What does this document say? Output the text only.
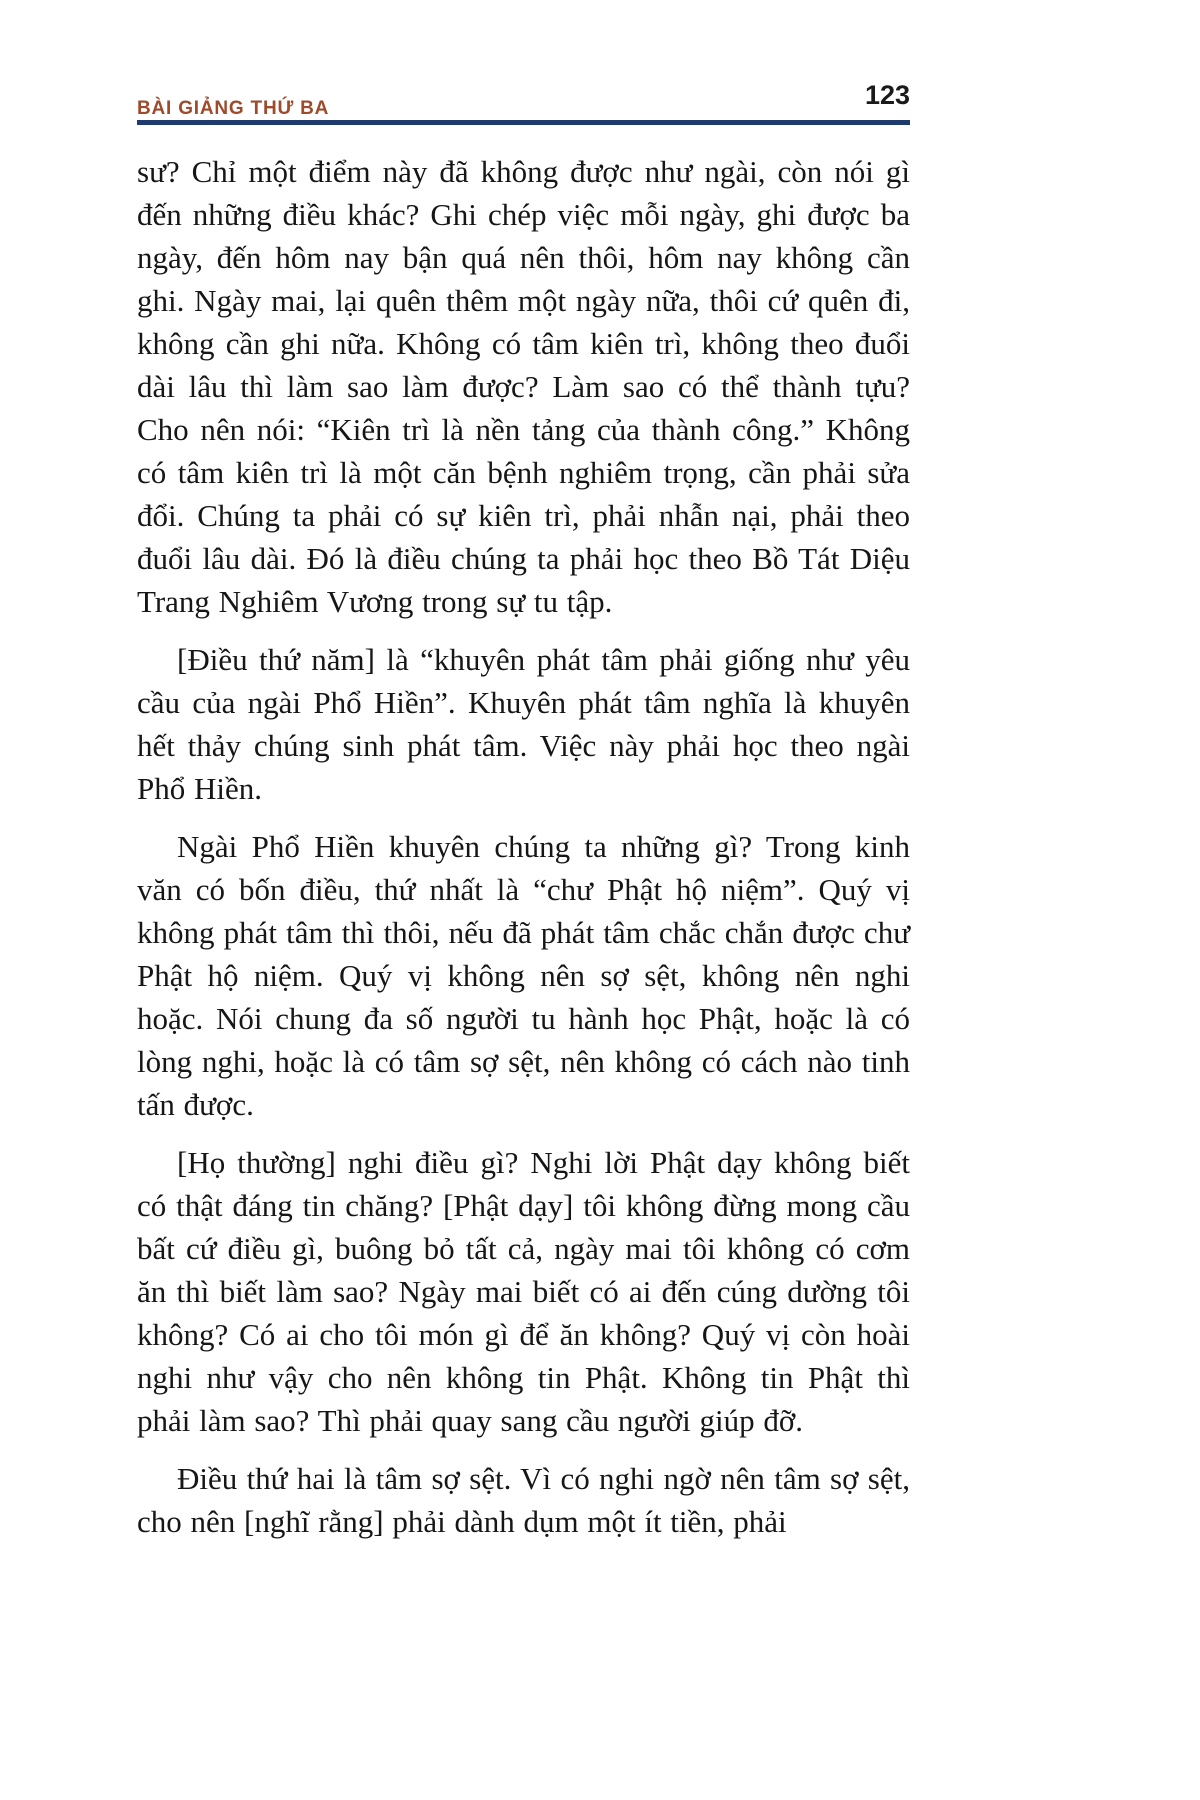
BÀI GIẢNG THỨ BA	123

sư? Chỉ một điểm này đã không được như ngài, còn nói gì đến những điều khác? Ghi chép việc mỗi ngày, ghi được ba ngày, đến hôm nay bận quá nên thôi, hôm nay không cần ghi. Ngày mai, lại quên thêm một ngày nữa, thôi cứ quên đi, không cần ghi nữa. Không có tâm kiên trì, không theo đuổi dài lâu thì làm sao làm được? Làm sao có thể thành tựu? Cho nên nói: “Kiên trì là nền tảng của thành công.” Không có tâm kiên trì là một căn bệnh nghiêm trọng, cần phải sửa đổi. Chúng ta phải có sự kiên trì, phải nhẫn nại, phải theo đuổi lâu dài. Đó là điều chúng ta phải học theo Bồ Tát Diệu Trang Nghiêm Vương trong sự tu tập.

[Điều thứ năm] là “khuyên phát tâm phải giống như yêu cầu của ngài Phổ Hiền”. Khuyên phát tâm nghĩa là khuyên hết thảy chúng sinh phát tâm. Việc này phải học theo ngài Phổ Hiền.

Ngài Phổ Hiền khuyên chúng ta những gì? Trong kinh văn có bốn điều, thứ nhất là “chư Phật hộ niệm”. Quý vị không phát tâm thì thôi, nếu đã phát tâm chắc chắn được chư Phật hộ niệm. Quý vị không nên sợ sệt, không nên nghi hoặc. Nói chung đa số người tu hành học Phật, hoặc là có lòng nghi, hoặc là có tâm sợ sệt, nên không có cách nào tinh tấn được.

[Họ thường] nghi điều gì? Nghi lời Phật dạy không biết có thật đáng tin chăng? [Phật dạy] tôi không đừng mong cầu bất cứ điều gì, buông bỏ tất cả, ngày mai tôi không có cơm ăn thì biết làm sao? Ngày mai biết có ai đến cúng dường tôi không? Có ai cho tôi món gì để ăn không? Quý vị còn hoài nghi như vậy cho nên không tin Phật. Không tin Phật thì phải làm sao? Thì phải quay sang cầu người giúp đỡ.

Điều thứ hai là tâm sợ sệt. Vì có nghi ngờ nên tâm sợ sệt, cho nên [nghĩ rằng] phải dành dụm một ít tiền, phải
